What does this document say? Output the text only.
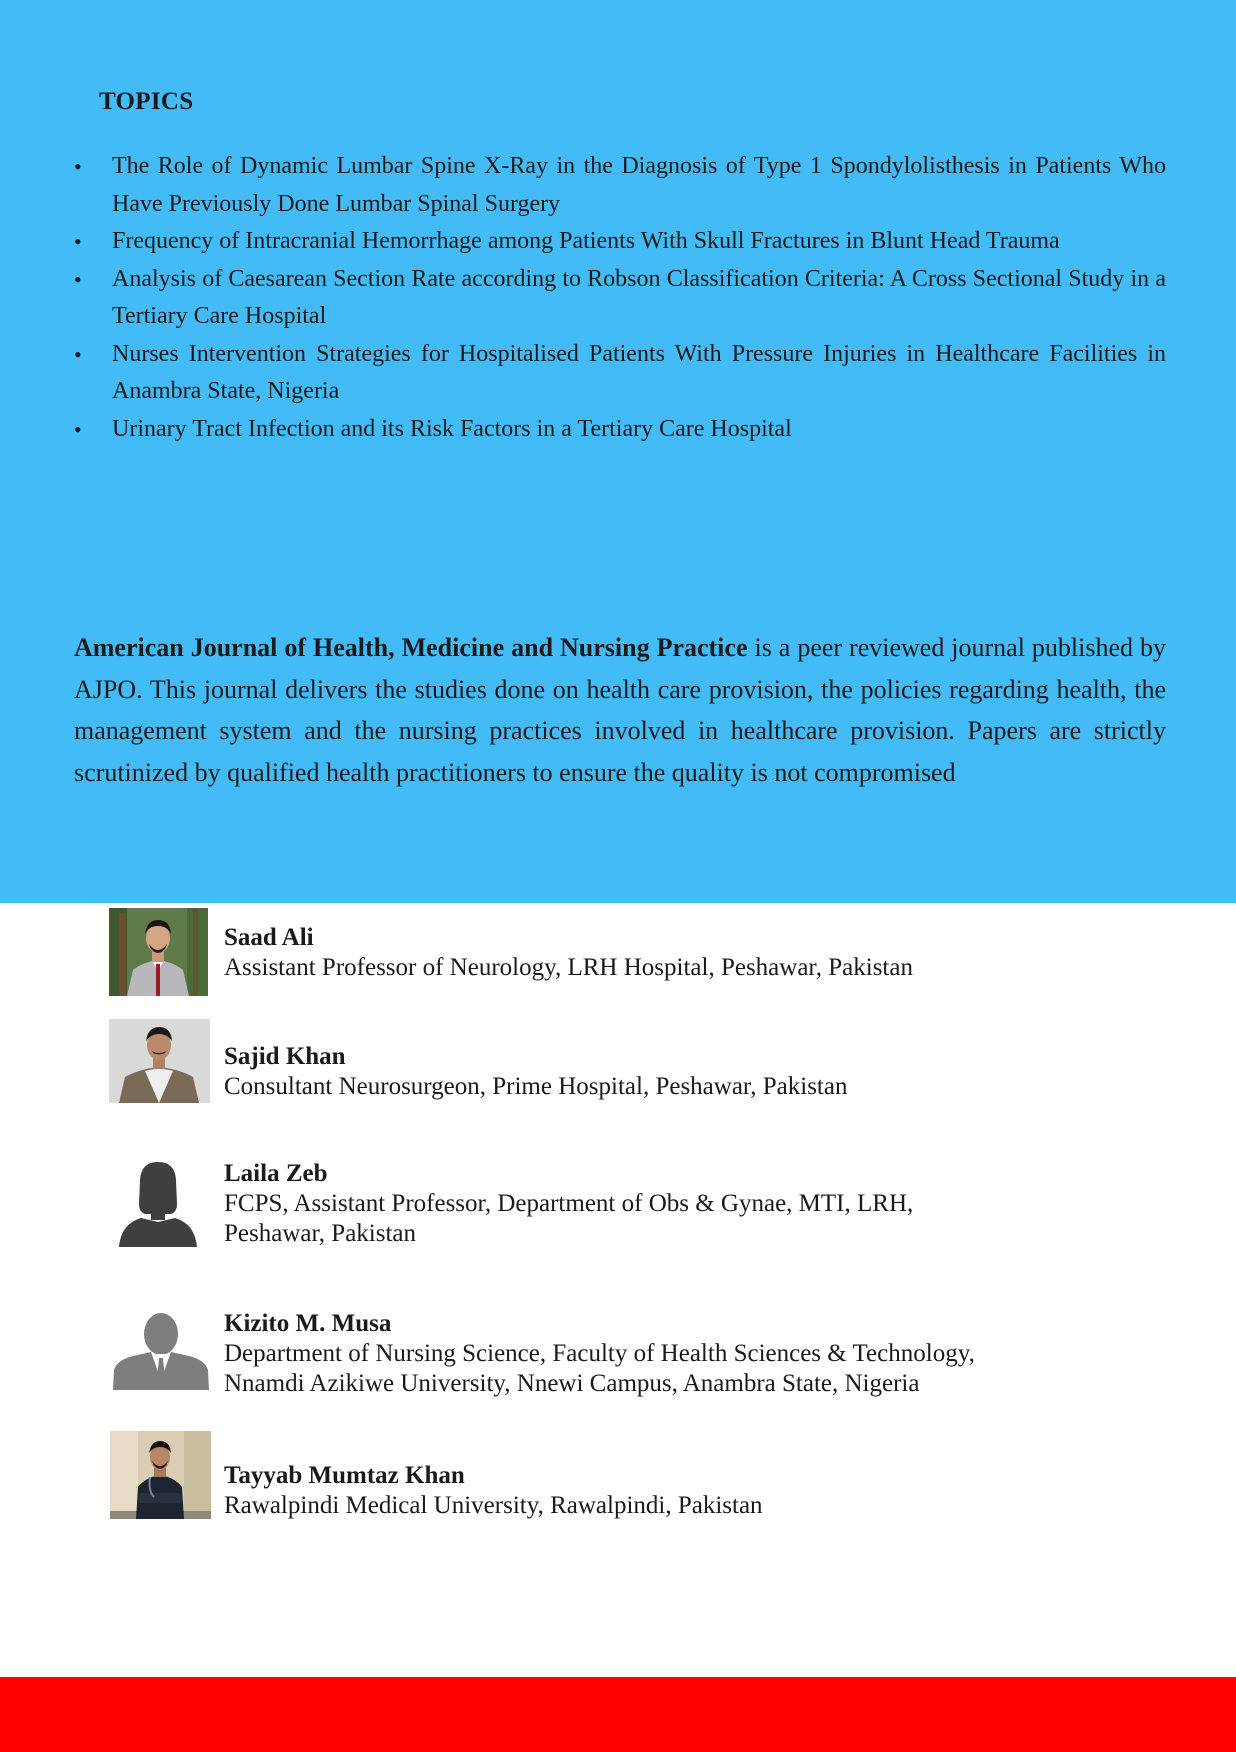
TOPICS
• The Role of Dynamic Lumbar Spine X-Ray in the Diagnosis of Type 1 Spondylolisthesis in Patients Who Have Previously Done Lumbar Spinal Surgery
• Frequency of Intracranial Hemorrhage among Patients With Skull Fractures in Blunt Head Trauma
• Analysis of Caesarean Section Rate according to Robson Classification Criteria: A Cross Sectional Study in a Tertiary Care Hospital
• Nurses Intervention Strategies for Hospitalised Patients With Pressure Injuries in Healthcare Facilities in Anambra State, Nigeria
• Urinary Tract Infection and its Risk Factors in a Tertiary Care Hospital
American Journal of Health, Medicine and Nursing Practice is a peer reviewed journal published by AJPO. This journal delivers the studies done on health care provision, the policies regarding health, the management system and the nursing practices involved in healthcare provision. Papers are strictly scrutinized by qualified health practitioners to ensure the quality is not compromised
Saad Ali
Assistant Professor of Neurology, LRH Hospital, Peshawar, Pakistan
Sajid Khan
Consultant Neurosurgeon, Prime Hospital, Peshawar, Pakistan
Laila Zeb
FCPS, Assistant Professor, Department of Obs & Gynae, MTI, LRH,
Peshawar, Pakistan
Kizito M. Musa
Department of Nursing Science, Faculty of Health Sciences & Technology,
Nnamdi Azikiwe University, Nnewi Campus, Anambra State, Nigeria
Tayyab Mumtaz Khan
Rawalpindi Medical University, Rawalpindi, Pakistan
